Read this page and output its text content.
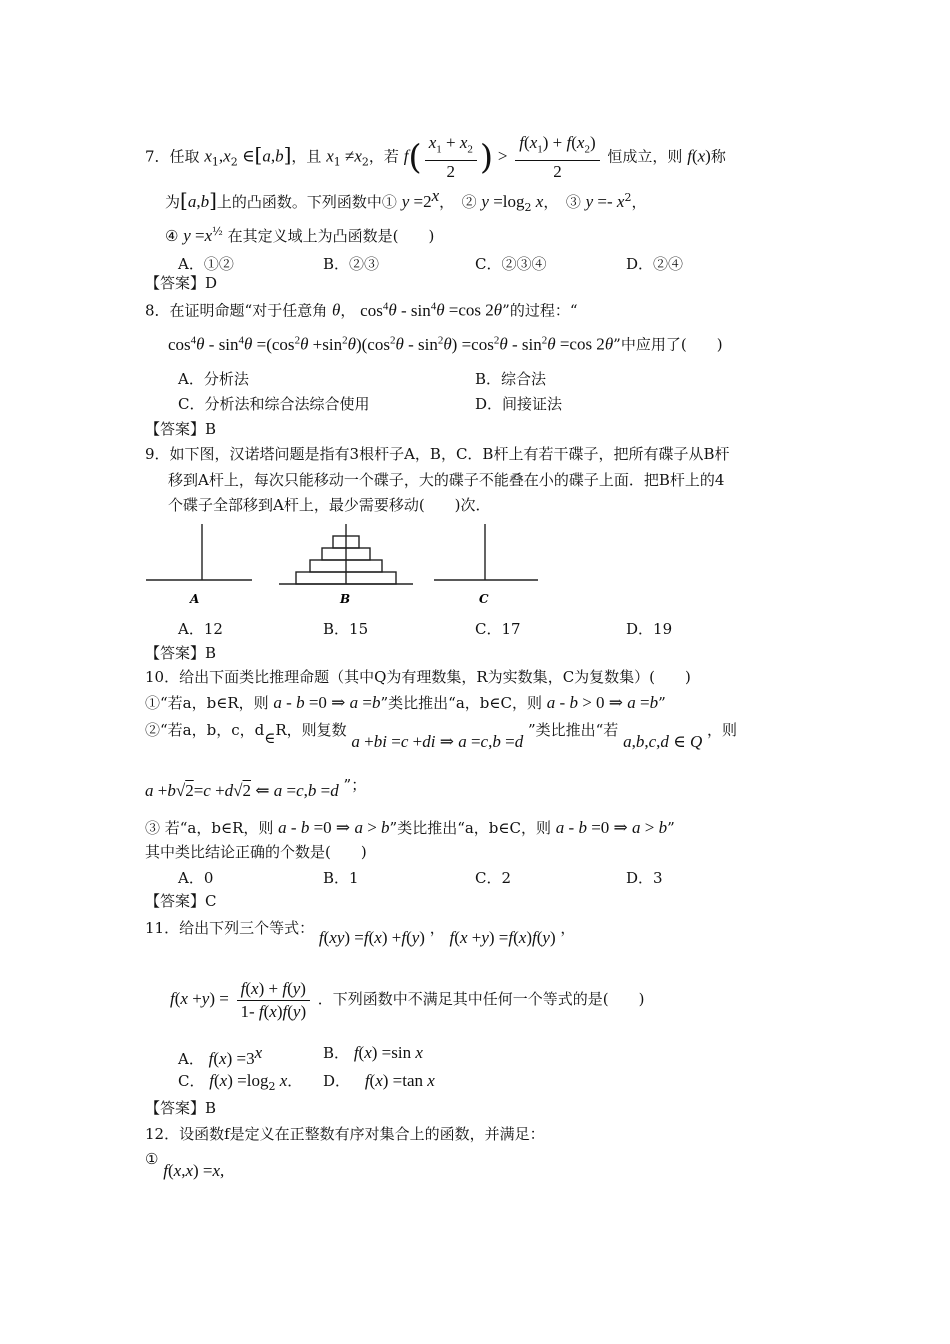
7．任取 $x_1,x_2$ ∈[a,b]，且 $x_1 \ne x_2$，若 $f( \frac{x_1 + x_2}{2}$ ) > $\frac{f(x_1) + f(x_2)}{2}$ 恒成立，则 f(x)称
为[a,b]上的凸函数。下列函数中① $y =2^x$，　② $y =\log_2$ x，　③ $y =- x^2$，
④ $y =x^{\frac{1}{2}}$ 在其定义域上为凸函数是(　　)
A．①②	B．②③	C．②③④	D．②④
【答案】D
8．在证明命题“对于任意角 θ， $\cos^4\theta - \sin^4\theta =\cos$ 2θ”的过程：“
$\cos^4\theta - \sin^4\theta =(\cos^2\theta +\sin^2\theta)(\cos^2\theta - \sin^2\theta) =\cos^2\theta - \sin^2\theta =\cos$ 2θ”中应用了(　　)
A．分析法	B．综合法
C．分析法和综合法综合使用	D．间接证法
【答案】B
9．如下图，汉诺塔问题是指有3根杆子A，B，C．B杆上有若干碟子，把所有碟子从B杆
移到A杆上，每次只能移动一个碟子，大的碟子不能叠在小的碟子上面．把B杆上的4
个碟子全部移到A杆上，最少需要移动(　　)次．
A	B	C
A．12	B．15	C．17	D．19
【答案】B
10．给出下面类比推理命题（其中Q为有理数集，R为实数集，C为复数集）(　　)
①“若a，b∈R，则 a - b =0 ⇒ a =b”类比推出“a，b∈C，则 a - b > 0 ⇒ a =b”
②“若a，b，c，d∈R，则复数 a +bi =c +di ⇒ a =c,b =d ”类比推出“若 a,b,c,d ∈ Q ，则
a +b√2=c +d√2 ⇐ a =c,b =d ”；
③ 若“a，b∈R，则 a - b =0 ⇒ a > b”类比推出“a，b∈C，则 a - b =0 ⇒ a > b”
其中类比结论正确的个数是(　　)
A．0	B．1	C．2	D．3
【答案】C
11．给出下列三个等式： f(xy) =f(x) +f(y) ， f(x +y) =f(x)f(y) ，
$f(x +y) = \frac{f(x) + f(y)}{1- f(x)f(y)}$ ．下列函数中不满足其中任何一个等式的是(　　)
A． $f(x) =3^x$	B． f(x) =sin x
C． $f(x) =\log_2$ x． D． f(x) =tan x
【答案】B
12．设函数f是定义在正整数有序对集合上的函数，并满足：
① f(x,x) =x,
